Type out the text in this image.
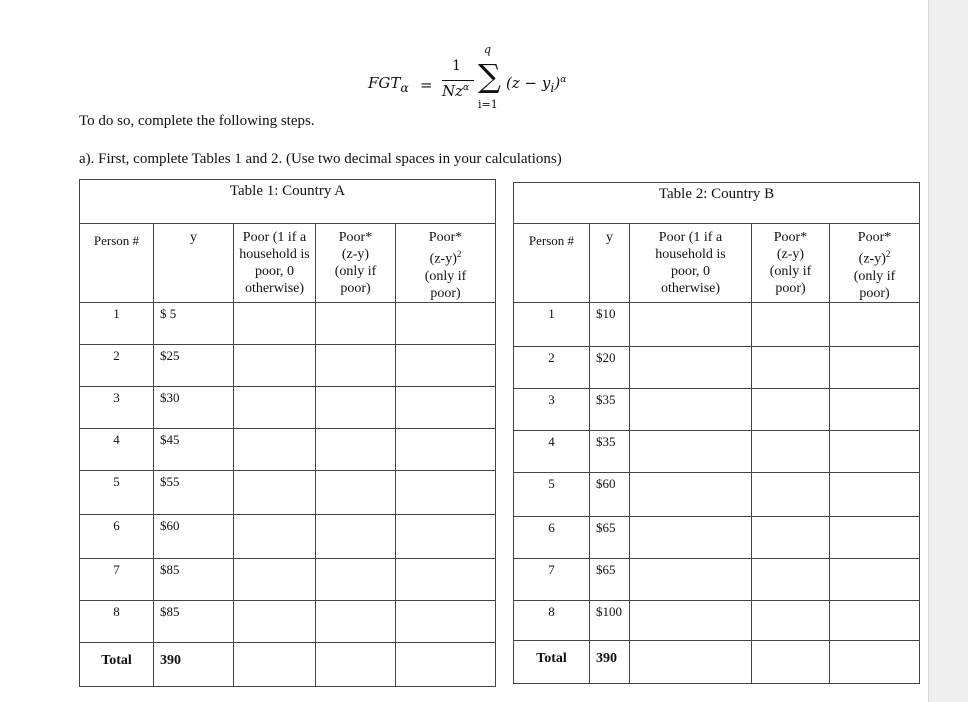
$FGT_\alpha$ =
1
$Nz^\alpha$
q
∑
i=1
$(z - y_i)^\alpha$
To do so, complete the following steps.
a). First, complete Tables 1 and 2. (Use two decimal spaces in your calculations)
Table 1: Country A				
Person #	y	Poor (1 if a
household is
poor, 0
otherwise)	Poor*
(z-y)
(only if
poor)	Poor*
$(z-y)^2$
(only if
poor)
1	$ 5			
2	$25			
3	$30			
4	$45			
5	$55			
6	$60			
7	$85			
8	$85			
Total	390			
Table 2: Country B				
Person #	y	Poor (1 if a
household is
poor, 0
otherwise)	Poor*
(z-y)
(only if
poor)	Poor*
$(z-y)^2$
(only if
poor)
1	$10			
2	$20			
3	$35			
4	$35			
5	$60			
6	$65			
7	$65			
8	$100			
Total	390			
